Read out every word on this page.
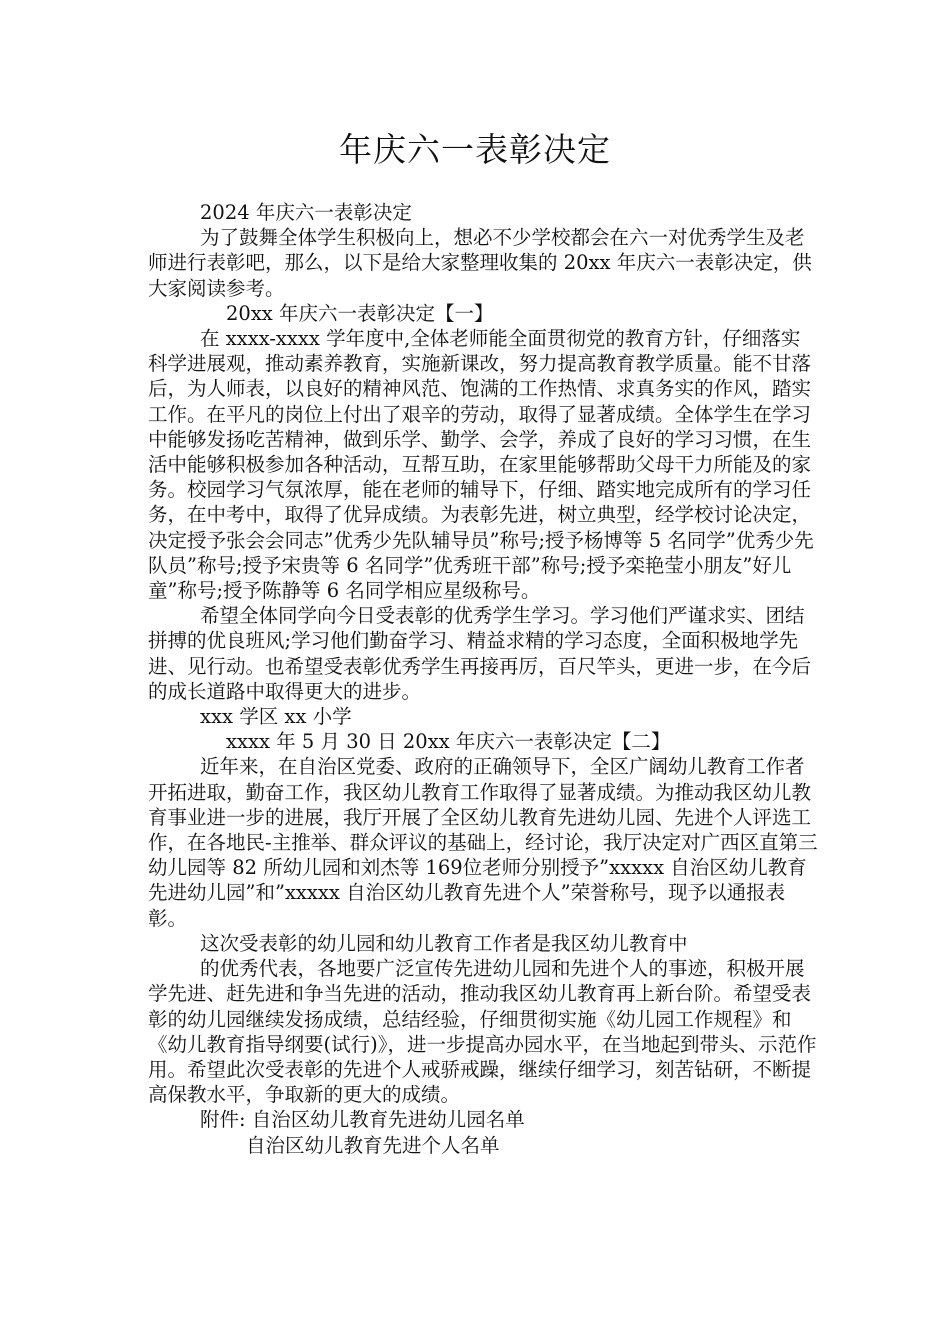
年庆六一表彰决定

2024 年庆六一表彰决定

为了鼓舞全体学生积极向上，想必不少学校都会在六一对优秀学生及老师进行表彰吧，那么，以下是给大家整理收集的 20xx 年庆六一表彰决定，供大家阅读参考。

20xx 年庆六一表彰决定【一】

在 xxxx-xxxx 学年度中,全体老师能全面贯彻党的教育方针，仔细落实科学进展观，推动素养教育，实施新课改，努力提高教育教学质量。能不甘落后，为人师表，以良好的精神风范、饱满的工作热情、求真务实的作风，踏实工作。在平凡的岗位上付出了艰辛的劳动，取得了显著成绩。全体学生在学习中能够发扬吃苦精神，做到乐学、勤学、会学，养成了良好的学习习惯，在生活中能够积极参加各种活动，互帮互助，在家里能够帮助父母干力所能及的家务。校园学习气氛浓厚，能在老师的辅导下，仔细、踏实地完成所有的学习任务，在中考中，取得了优异成绩。为表彰先进，树立典型，经学校讨论决定，决定授予张会会同志”优秀少先队辅导员”称号;授予杨博等 5 名同学”优秀少先队员”称号;授予宋贵等 6 名同学”优秀班干部”称号;授予栾艳莹小朋友”好儿童”称号;授予陈静等 6 名同学相应星级称号。

希望全体同学向今日受表彰的优秀学生学习。学习他们严谨求实、团结拼搏的优良班风;学习他们勤奋学习、精益求精的学习态度，全面积极地学先进、见行动。也希望受表彰优秀学生再接再厉，百尺竿头，更进一步，在今后的成长道路中取得更大的进步。

xxx 学区 xx 小学

xxxx 年 5 月 30 日 20xx 年庆六一表彰决定【二】

近年来，在自治区党委、政府的正确领导下，全区广阔幼儿教育工作者开拓进取，勤奋工作，我区幼儿教育工作取得了显著成绩。为推动我区幼儿教育事业进一步的进展，我厅开展了全区幼儿教育先进幼儿园、先进个人评选工作，在各地民-主推举、群众评议的基础上，经讨论，我厅决定对广西区直第三幼儿园等 82 所幼儿园和刘杰等 169位老师分别授予”xxxxx 自治区幼儿教育先进幼儿园”和”xxxxx 自治区幼儿教育先进个人”荣誉称号，现予以通报表彰。

这次受表彰的幼儿园和幼儿教育工作者是我区幼儿教育中

的优秀代表，各地要广泛宣传先进幼儿园和先进个人的事迹，积极开展学先进、赶先进和争当先进的活动，推动我区幼儿教育再上新台阶。希望受表彰的幼儿园继续发扬成绩，总结经验，仔细贯彻实施《幼儿园工作规程》和《幼儿教育指导纲要(试行)》，进一步提高办园水平，在当地起到带头、示范作用。希望此次受表彰的先进个人戒骄戒躁，继续仔细学习，刻苦钻研，不断提高保教水平，争取新的更大的成绩。

附件: 自治区幼儿教育先进幼儿园名单

自治区幼儿教育先进个人名单
